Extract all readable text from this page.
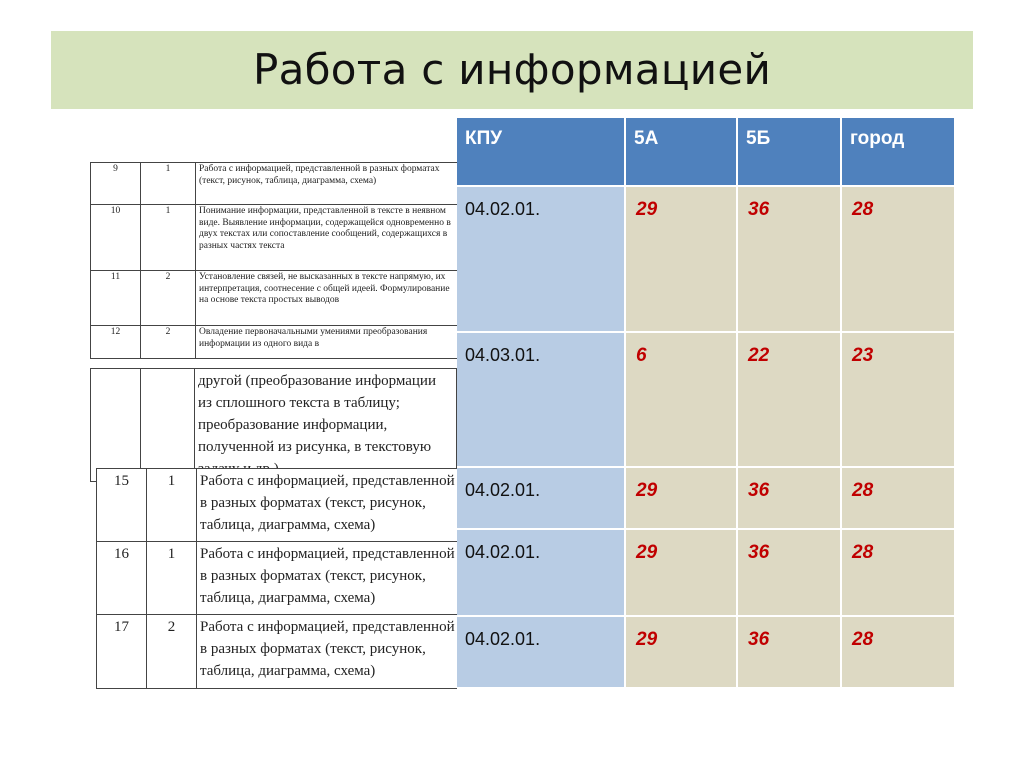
Работа с информацией
9	1	Работа с информацией, представленной в разных форматах (текст, рисунок, таблица, диаграмма, схема)
10	1	Понимание информации, представленной в тексте в неявном виде. Выявление информации, содержащейся одновременно в двух текстах или сопоставление сообщений, содержащихся в разных частях текста
11	2	Установление связей, не высказанных в тексте напрямую, их интерпретация, соотнесение с общей идеей. Формулирование на основе текста простых выводов
12	2	Овладение первоначальными умениями преобразования информации из одного вида в
		другой (преобразование информации из сплошного текста в таблицу; преобразование информации, полученной из рисунка, в текстовую
15	1	Работа с информацией, представленной в разных форматах (текст, рисунок, таблица, диаграмма, схема)
16	1	Работа с информацией, представленной в разных форматах (текст, рисунок, таблица, диаграмма, схема)
17	2	Работа с информацией, представленной в разных форматах (текст, рисунок, таблица, диаграмма, схема)
КПУ	5А	5Б	город
04.02.01.	29	36	28
04.03.01.	6	22	23
04.02.01.	29	36	28
04.02.01.	29	36	28
04.02.01.	29	36	28
